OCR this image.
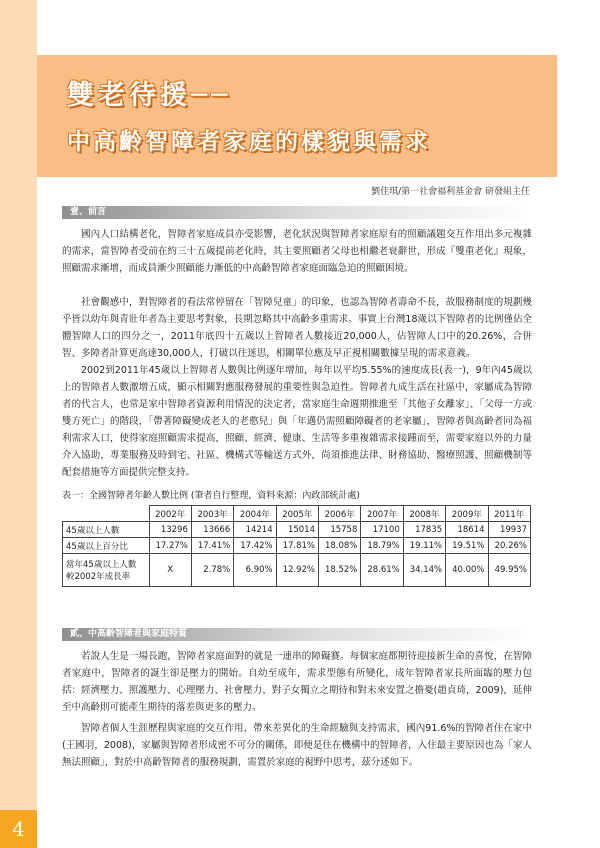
4
雙老待援──
中高齡智障者家庭的樣貌與需求
劉佳琪/第一社會福利基金會 研發組主任
壹、前言

國內人口結構老化，智障者家庭成員亦受影響，老化狀況與智障者家庭原有的照顧議題交互作用出多元複雜的需求，當智障者受前在約三十五歲提前老化時，其主要照顧者父母也相繼老衰辭世，形成『雙重老化』現象，照顧需求漸增，而成員漸少照顧能力漸低的中高齡智障者家庭面臨急迫的照顧困境。

社會觀感中，對智障者的看法常停留在「智障兒童」的印象，也認為智障者壽命不長，故服務制度的規劃幾乎皆以幼年與青壯年者為主要思考對象，長期忽略其中高齡多重需求。事實上台灣18歲以下智障者的比例僅佔全體智障人口的四分之一，2011年底四十五歲以上智障者人數接近20,000人，佔智障人口中的20.26%，合併智、多障者計算更高達30,000人，打破以往迷思，相關單位應及早正視相關數據呈現的需求意義。

2002到2011年45歲以上智障者人數與比例逐年增加，每年以平均5.55%的速度成長(表一)，9年內45歲以上的智障者人數激增五成，顯示相關對應服務發展的重要性與急迫性。智障者九成生活在社區中，家屬成為智障者的代言人，也常是家中智障者資源利用情況的決定者，當家庭生命週期推進至「其他子女離家」、「父母一方或雙方死亡」的階段，「帶著障礙變成老人的老憨兒」與「年邁仍需照顧障礙者的老家屬」，智障者與高齡者同為福利需求人口，使得家庭照顧需求提高，照顧、經濟、健康、生活等多重複雜需求接踵而至，需要家庭以外的力量介入協助，專業服務及時到宅、社區、機構式等輸送方式外，尚須推進法律、財務協助、醫療照護、照顧機制等配套措施等方面提供完整支持。

表一：全國智障者年齡人數比例 (筆者自行整理，資料來源：內政部統計處)
	2002年	2003年	2004年	2005年	2006年	2007年	2008年	2009年	2011年
45歲以上人數	13296	13666	14214	15014	15758	17100	17835	18614	19937
45歲以上百分比	17.27%	17.41%	17.42%	17.81%	18.08%	18.79%	19.11%	19.51%	20.26%

當年45歲以上人數
較2002年成長率	X	2.78%	6.90%	12.92%	18.52%	28.61%	34.14%	40.00%	49.95%
貳、中高齡智障者與家庭特質

若說人生是一場長跑，智障者家庭面對的就是一連串的障礙賽。每個家庭都期待迎接新生命的喜悅，在智障者家庭中，智障者的誕生卻是壓力的開始。自幼至成年，需求型態有所變化，成年智障者家長所面臨的壓力包括：經濟壓力、照護壓力、心理壓力、社會壓力、對子女獨立之期待和對未來安置之擔憂(趙貞琦，2009)，延伸至中高齡則可能產生期待的落差與更多的壓力。

智障者個人生涯歷程與家庭的交互作用，帶來差異化的生命經驗與支持需求，國內91.6%的智障者住在家中(王國羽，2008)，家屬與智障者形成密不可分的關係，即便是住在機構中的智障者，入住最主要原因也為「家人無法照顧」，對於中高齡智障者的服務規劃，需置於家庭的視野中思考，茲分述如下。
